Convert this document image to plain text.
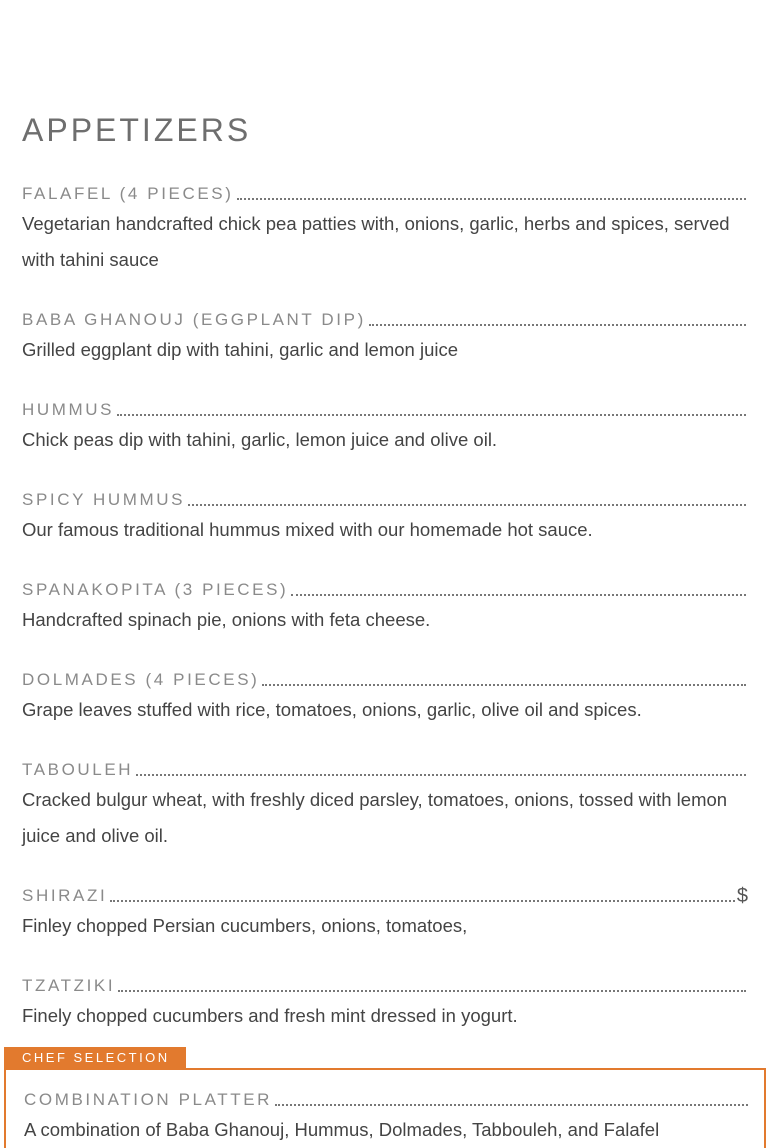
APPETIZERS
FALAFEL (4 PIECES)
Vegetarian handcrafted chick pea patties with, onions, garlic, herbs and spices, served with tahini sauce
BABA GHANOUJ (EGGPLANT DIP)
Grilled eggplant dip with tahini, garlic and lemon juice
HUMMUS
Chick peas dip with tahini, garlic, lemon juice and olive oil.
SPICY HUMMUS
Our famous traditional hummus mixed with our homemade hot sauce.
SPANAKOPITA (3 PIECES)
Handcrafted spinach pie, onions with feta cheese.
DOLMADES (4 PIECES)
Grape leaves stuffed with rice, tomatoes, onions, garlic, olive oil and spices.
TABOULEH
Cracked bulgur wheat, with freshly diced parsley, tomatoes, onions, tossed with lemon juice and olive oil.
SHIRAZI	$
Finley chopped Persian cucumbers, onions, tomatoes,
TZATZIKI
Finely chopped cucumbers and fresh mint dressed in yogurt.
CHEF SELECTION
COMBINATION PLATTER
A combination of Baba Ghanouj, Hummus, Dolmades, Tabbouleh, and Falafel
